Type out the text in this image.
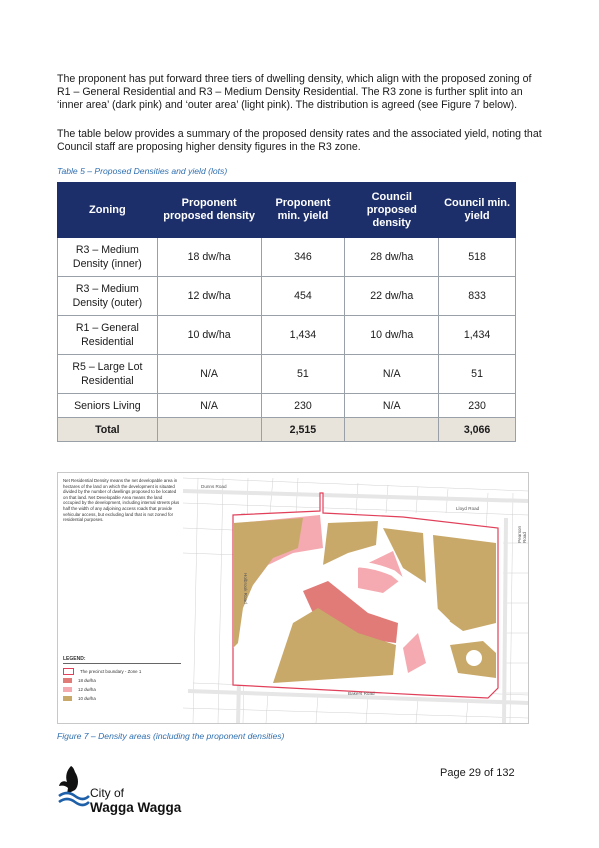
The proponent has put forward three tiers of dwelling density, which align with the proposed zoning of R1 – General Residential and R3 – Medium Density Residential. The R3 zone is further split into an ‘inner area’ (dark pink) and ‘outer area’ (light pink). The distribution is agreed (see Figure 7 below).

The table below provides a summary of the proposed density rates and the associated yield, noting that Council staff are proposing higher density figures in the R3 zone.

Table 5 – Proposed Densities and yield (lots)
Zoning	Proponent proposed density	Proponent min. yield	Council proposed density	Council min. yield
R3 – Medium Density (inner)	18 dw/ha	346	28 dw/ha	518
R3 – Medium Density (outer)	12 dw/ha	454	22 dw/ha	833
R1 – General Residential	10 dw/ha	1,434	10 dw/ha	1,434
R5 – Large Lot Residential	N/A	51	N/A	51
Seniors Living	N/A	230	N/A	230
Total		2,515		3,066
Net Residential Density means the net developable area in hectares of the land on which the development is situated divided by the number of dwellings proposed to be located on that land. Net Developable Area means the land occupied by the development, including internal streets plus half the width of any adjoining access roads that provide vehicular access, but excluding land that is not zoned for residential purposes.
Dunns Road
Lloyd Road
Holbrook Road
Pearson Road
Bakers Road
LEGEND:
The precinct boundary - Zone 1
18 dw/ha
12 dw/ha
10 dw/ha
Figure 7 – Density areas (including the proponent densities)
City of
Wagga Wagga
Page 29 of 132
